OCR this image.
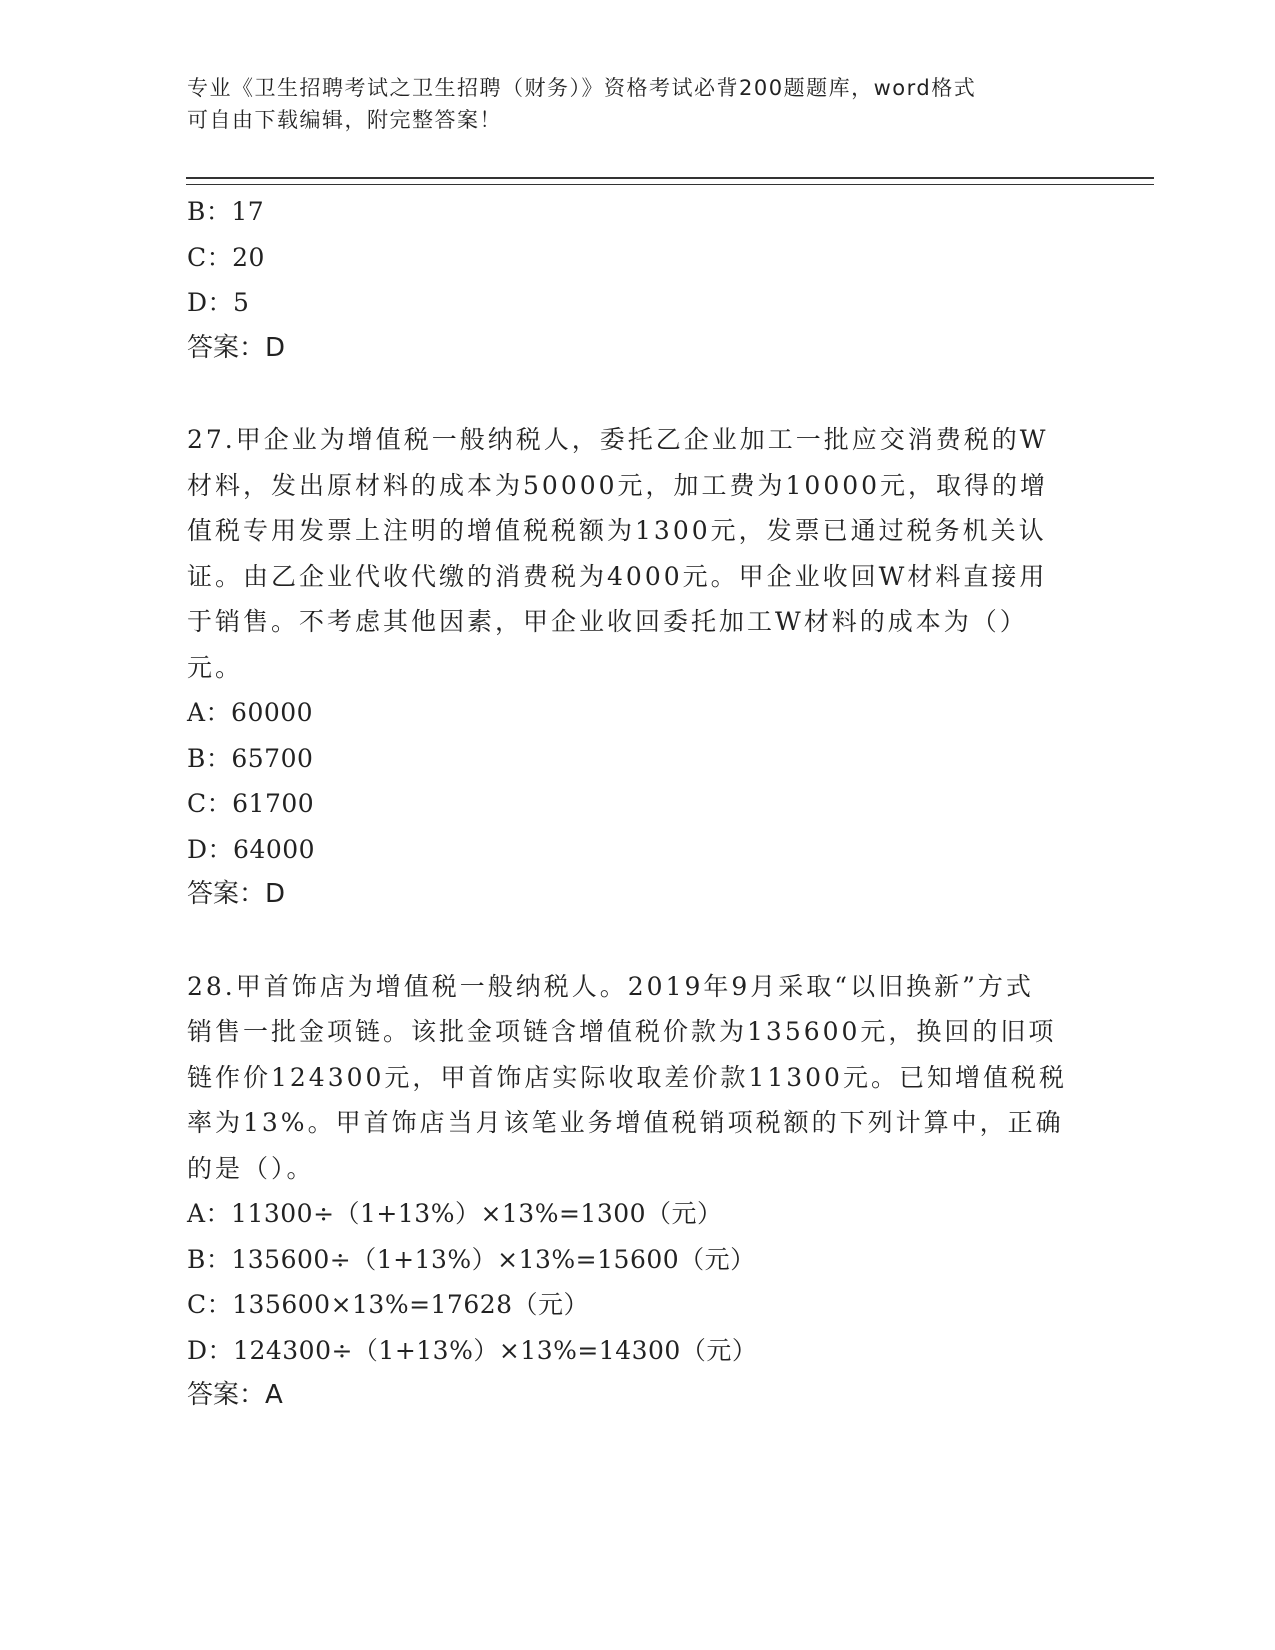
专业《卫生招聘考试之卫生招聘（财务）》资格考试必背200题题库，word格式
可自由下载编辑，附完整答案！
B：17
C：20
D：5
答案：D
27.甲企业为增值税一般纳税人，委托乙企业加工一批应交消费税的W
材料，发出原材料的成本为50000元，加工费为10000元，取得的增
值税专用发票上注明的增值税税额为1300元，发票已通过税务机关认
证。由乙企业代收代缴的消费税为4000元。甲企业收回W材料直接用
于销售。不考虑其他因素，甲企业收回委托加工W材料的成本为（）
元。
A：60000
B：65700
C：61700
D：64000
答案：D
28.甲首饰店为增值税一般纳税人。2019年9月采取“以旧换新”方式
销售一批金项链。该批金项链含增值税价款为135600元，换回的旧项
链作价124300元，甲首饰店实际收取差价款11300元。已知增值税税
率为13%。甲首饰店当月该笔业务增值税销项税额的下列计算中，正确
的是（）。
A：11300÷（1+13%）×13%=1300（元）
B：135600÷（1+13%）×13%=15600（元）
C：135600×13%=17628（元）
D：124300÷（1+13%）×13%=14300（元）
答案：A
